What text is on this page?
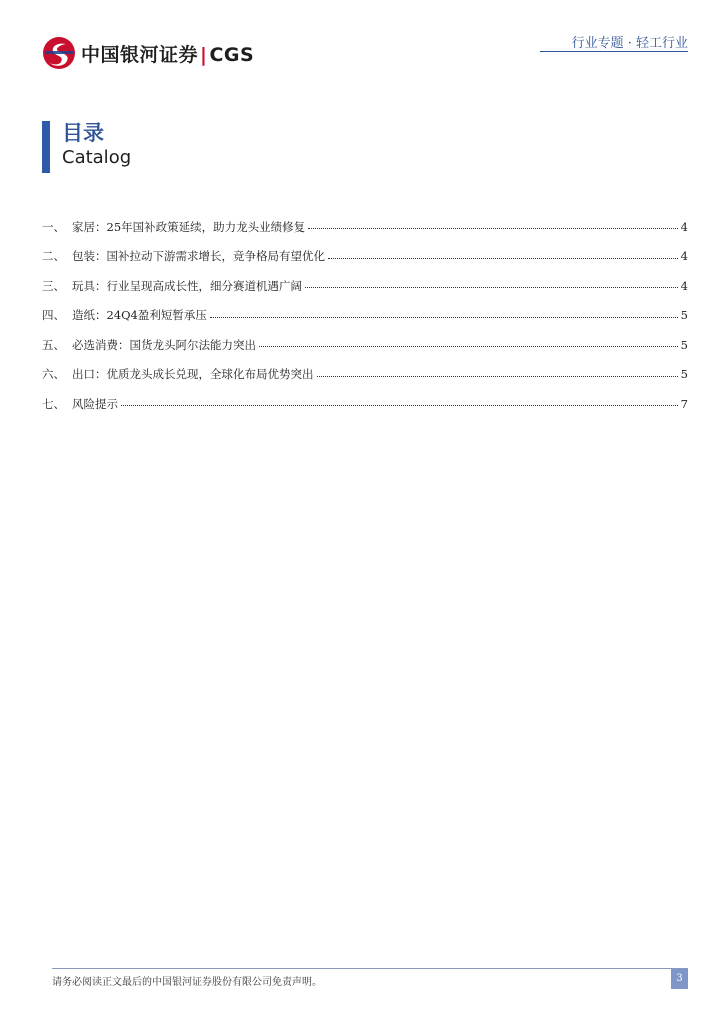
中国银河证券 | CGS	行业专题 · 轻工行业
目录
Catalog
一、 家居：25年国补政策延续，助力龙头业绩修复	4
二、 包装：国补拉动下游需求增长，竞争格局有望优化	4
三、 玩具：行业呈现高成长性，细分赛道机遇广阔	4
四、 造纸：24Q4盈利短暂承压	5
五、 必选消费：国货龙头阿尔法能力突出	5
六、 出口：优质龙头成长兑现，全球化布局优势突出	5
七、 风险提示	7
请务必阅读正文最后的中国银河证券股份有限公司免责声明。	3
